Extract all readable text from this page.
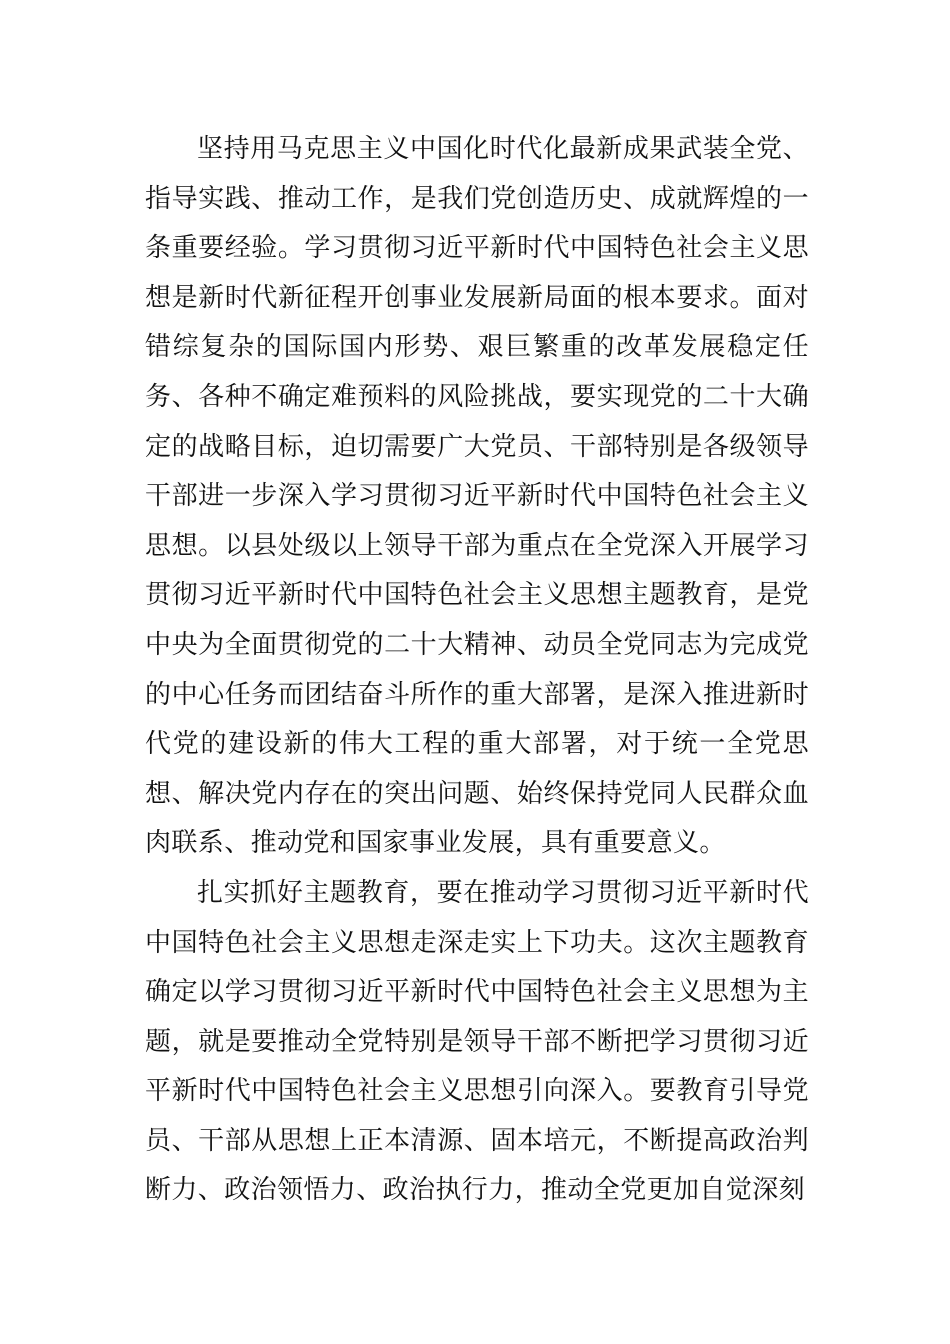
坚持用马克思主义中国化时代化最新成果武装全党、指导实践、推动工作，是我们党创造历史、成就辉煌的一条重要经验。学习贯彻习近平新时代中国特色社会主义思想是新时代新征程开创事业发展新局面的根本要求。面对错综复杂的国际国内形势、艰巨繁重的改革发展稳定任务、各种不确定难预料的风险挑战，要实现党的二十大确定的战略目标，迫切需要广大党员、干部特别是各级领导干部进一步深入学习贯彻习近平新时代中国特色社会主义思想。以县处级以上领导干部为重点在全党深入开展学习贯彻习近平新时代中国特色社会主义思想主题教育，是党中央为全面贯彻党的二十大精神、动员全党同志为完成党的中心任务而团结奋斗所作的重大部署，是深入推进新时代党的建设新的伟大工程的重大部署，对于统一全党思想、解决党内存在的突出问题、始终保持党同人民群众血肉联系、推动党和国家事业发展，具有重要意义。

扎实抓好主题教育，要在推动学习贯彻习近平新时代中国特色社会主义思想走深走实上下功夫。这次主题教育确定以学习贯彻习近平新时代中国特色社会主义思想为主题，就是要推动全党特别是领导干部不断把学习贯彻习近平新时代中国特色社会主义思想引向深入。要教育引导党员、干部从思想上正本清源、固本培元，不断提高政治判断力、政治领悟力、政治执行力，推动全党更加自觉深刻
